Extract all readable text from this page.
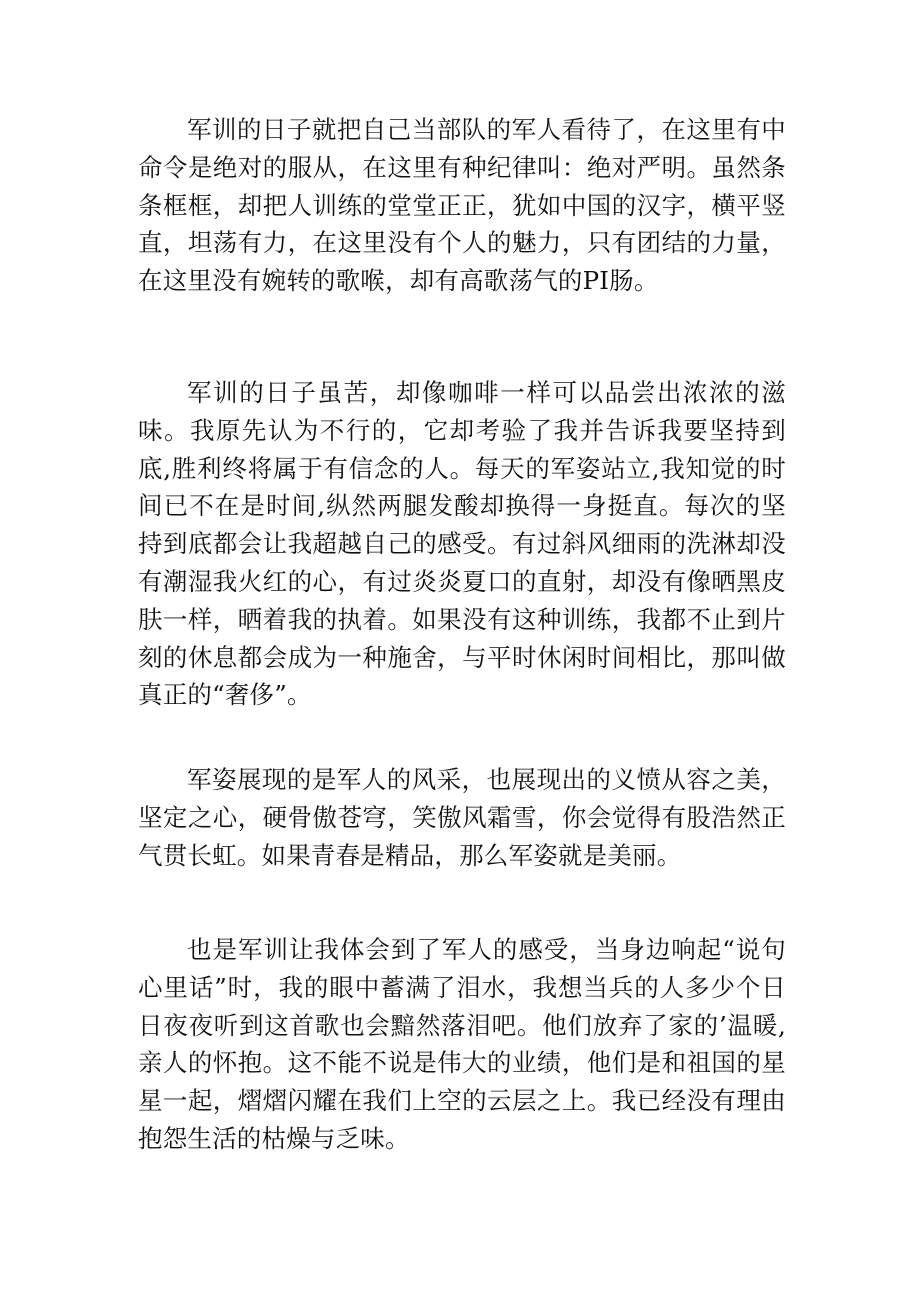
军训的日子就把自己当部队的军人看待了，在这里有中命令是绝对的服从，在这里有种纪律叫：绝对严明。虽然条条框框，却把人训练的堂堂正正，犹如中国的汉字，横平竖直，坦荡有力，在这里没有个人的魅力，只有团结的力量，在这里没有婉转的歌喉，却有高歌荡气的PI肠。

军训的日子虽苦，却像咖啡一样可以品尝出浓浓的滋味。我原先认为不行的，它却考验了我并告诉我要坚持到底,胜利终将属于有信念的人。每天的军姿站立,我知觉的时间已不在是时间,纵然两腿发酸却换得一身挺直。每次的坚持到底都会让我超越自己的感受。有过斜风细雨的洗淋却没有潮湿我火红的心，有过炎炎夏口的直射，却没有像晒黑皮肤一样，晒着我的执着。如果没有这种训练，我都不止到片刻的休息都会成为一种施舍，与平时休闲时间相比，那叫做真正的“奢侈”。

军姿展现的是军人的风采，也展现出的义愤从容之美，坚定之心，硬骨傲苍穹，笑傲风霜雪，你会觉得有股浩然正气贯长虹。如果青春是精品，那么军姿就是美丽。

也是军训让我体会到了军人的感受，当身边响起“说句心里话”时，我的眼中蓄满了泪水，我想当兵的人多少个日日夜夜听到这首歌也会黯然落泪吧。他们放弃了家的’温暖,亲人的怀抱。这不能不说是伟大的业绩，他们是和祖国的星星一起，熠熠闪耀在我们上空的云层之上。我已经没有理由抱怨生活的枯燥与乏味。
